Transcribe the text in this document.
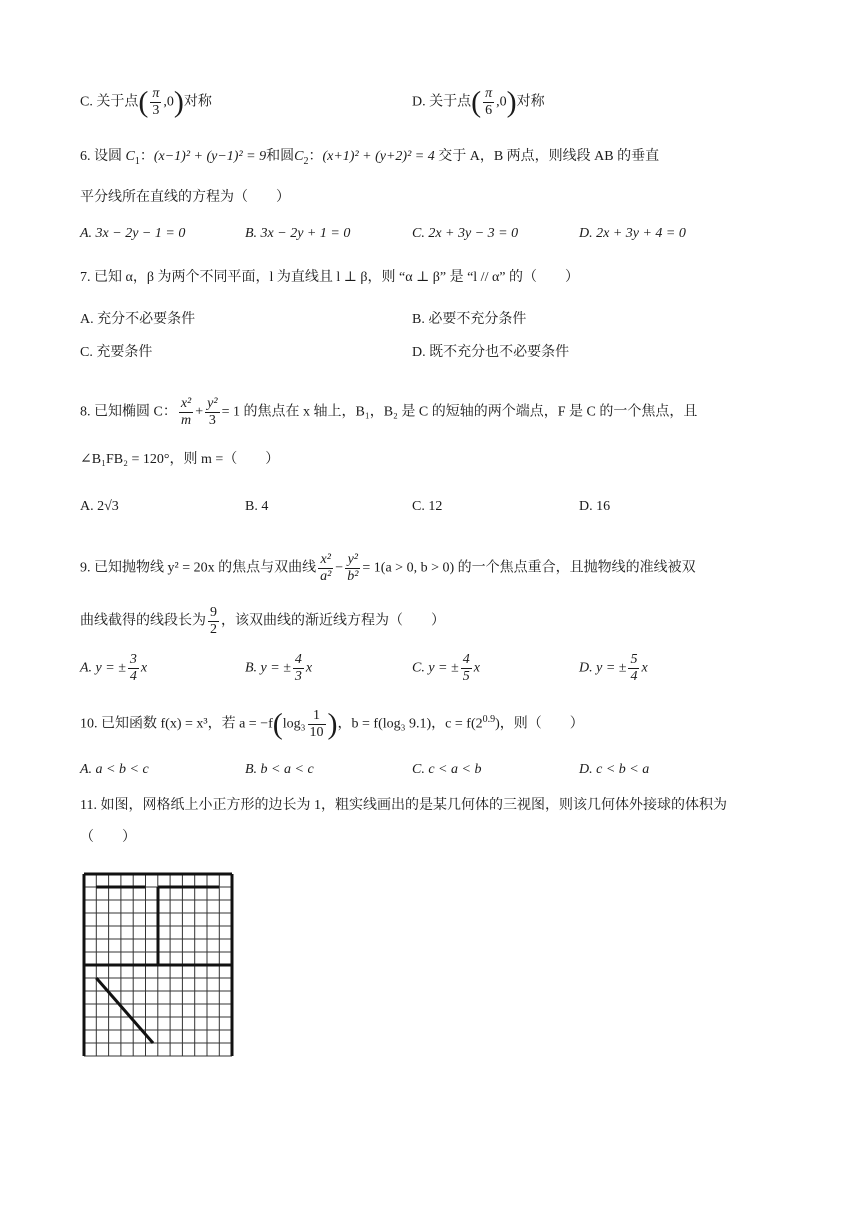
C. 关于点( $\frac{\pi}{3} ,0$)对称	D. 关于点( $\frac{\pi}{6} ,0$)对称
6. 设圆 $C_1$：(x−1)² + (y−1)² = 9和圆$C_2$：(x+1)² + (y+2)² = 4 交于 A，B 两点，则线段 AB 的垂直
平分线所在直线的方程为（　　）
A. 3x − 2y − 1 = 0	B. 3x − 2y + 1 = 0	C. 2x + 3y − 3 = 0	D. 2x + 3y + 4 = 0
7. 已知 α，β 为两个不同平面，l 为直线且 l ⊥ β，则 “α ⊥ β” 是 “l // α” 的（　　）
A. 充分不必要条件	B. 必要不充分条件
C. 充要条件	D. 既不充分也不必要条件
8. 已知椭圆 C： $\frac{\text{x²}}{m} + \frac{\text{y²}}{3} = 1$ 的焦点在 x 轴上，B₁，B₂ 是 C 的短轴的两个端点，F 是 C 的一个焦点，且
∠B₁FB₂ = 120°，则 m =（　　）
A. 2√3	B. 4	C. 12	D. 16
9. 已知抛物线 y² = 20x 的焦点与双曲线 $\frac{\text{x²}}{\text{a²}} - \frac{\text{y²}}{\text{b²}} = 1(a > 0$, b > 0) 的一个焦点重合，且抛物线的准线被双
曲线截得的线段长为 $\frac{9}{2}$ ，该双曲线的渐近线方程为（　　）
A. y = ± $\frac{3}{4}$ x	B. y = ± $\frac{4}{3}$ x	C. y = ± $\frac{4}{5}$ x	D. y = ± $\frac{5}{4}$ x
10. 已知函数 f(x) = x³，若 $a = -f(\log_3 \frac{1}{10}$ )，b = f(log₃ 9.1)，$c = f(2^{0.9})$，则（　　）
A. a < b < c	B. b < a < c	C. c < a < b	D. c < b < a
11. 如图，网格纸上小正方形的边长为 1，粗实线画出的是某几何体的三视图，则该几何体外接球的体积为
（　　）
